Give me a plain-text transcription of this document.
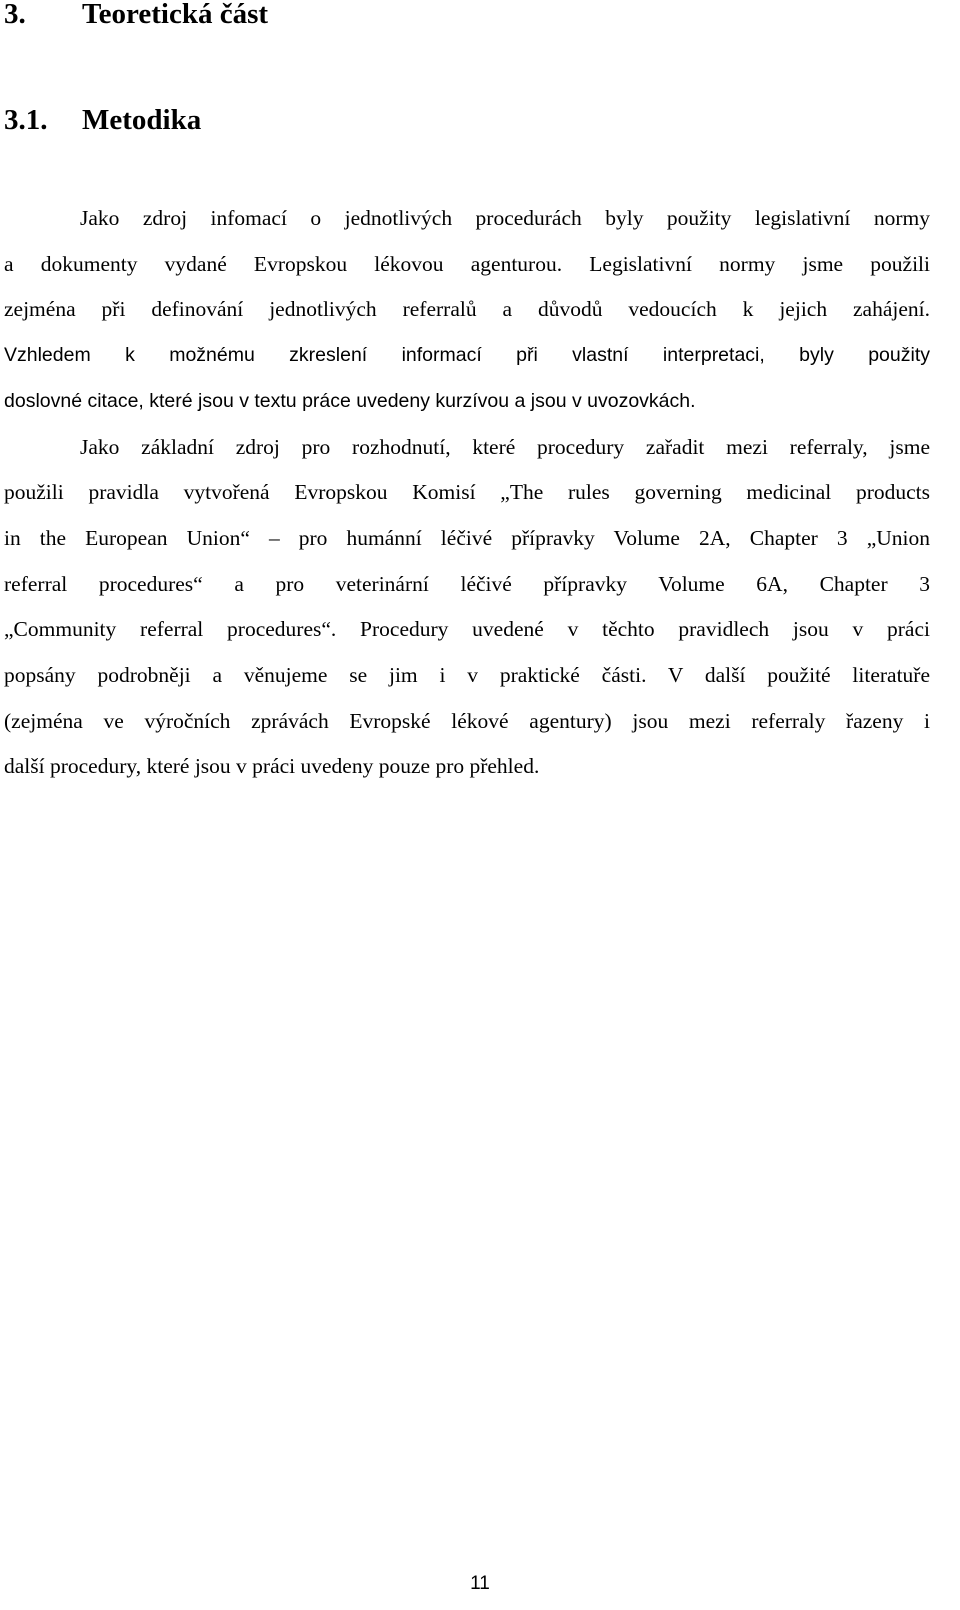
3. Teoretická část
3.1. Metodika
Jako zdroj infomací o jednotlivých procedurách byly použity legislativní normy
a dokumenty vydané Evropskou lékovou agenturou. Legislativní normy jsme použili
zejména při definování jednotlivých referralů a důvodů vedoucích k jejich zahájení.
Vzhledem k možnému zkreslení informací při vlastní interpretaci, byly použity
doslovné citace, které jsou v textu práce uvedeny kurzívou a jsou v uvozovkách.
Jako základní zdroj pro rozhodnutí, které procedury zařadit mezi referraly, jsme
použili pravidla vytvořená Evropskou Komisí „The rules governing medicinal products
in the European Union“ – pro humánní léčivé přípravky Volume 2A, Chapter 3 „Union
referral procedures“ a pro veterinární léčivé přípravky Volume 6A, Chapter 3
„Community referral procedures“. Procedury uvedené v těchto pravidlech jsou v práci
popsány podrobněji a věnujeme se jim i v praktické části. V další použité literatuře
(zejména ve výročních zprávách Evropské lékové agentury) jsou mezi referraly řazeny i
další procedury, které jsou v práci uvedeny pouze pro přehled.
11
